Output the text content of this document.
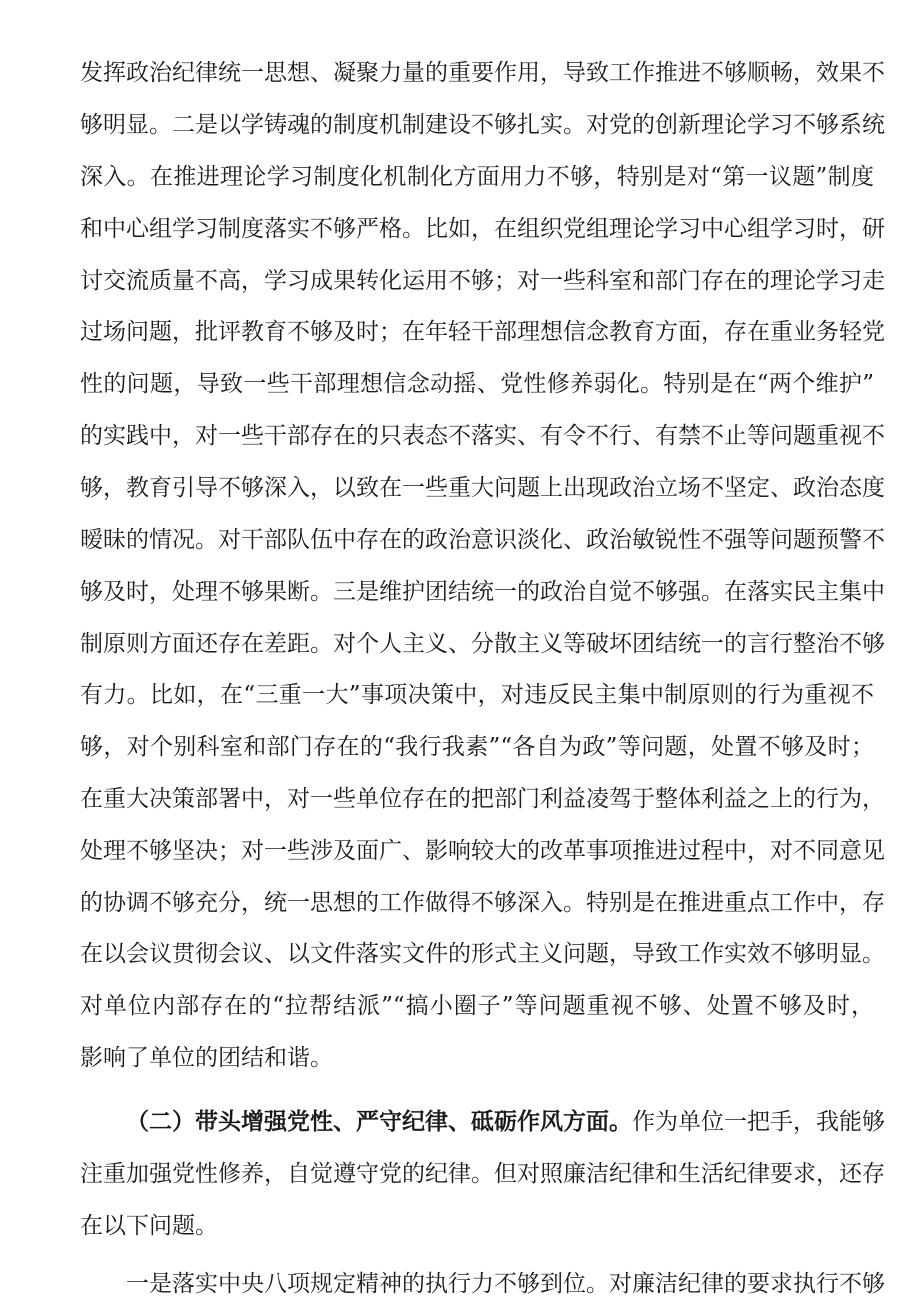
发挥政治纪律统一思想、凝聚力量的重要作用，导致工作推进不够顺畅，效果不
够明显。二是以学铸魂的制度机制建设不够扎实。对党的创新理论学习不够系统
深入。在推进理论学习制度化机制化方面用力不够，特别是对“第一议题”制度
和中心组学习制度落实不够严格。比如，在组织党组理论学习中心组学习时，研
讨交流质量不高，学习成果转化运用不够；对一些科室和部门存在的理论学习走
过场问题，批评教育不够及时；在年轻干部理想信念教育方面，存在重业务轻党
性的问题，导致一些干部理想信念动摇、党性修养弱化。特别是在“两个维护”
的实践中，对一些干部存在的只表态不落实、有令不行、有禁不止等问题重视不
够，教育引导不够深入，以致在一些重大问题上出现政治立场不坚定、政治态度
暧昧的情况。对干部队伍中存在的政治意识淡化、政治敏锐性不强等问题预警不
够及时，处理不够果断。三是维护团结统一的政治自觉不够强。在落实民主集中
制原则方面还存在差距。对个人主义、分散主义等破坏团结统一的言行整治不够
有力。比如，在“三重一大”事项决策中，对违反民主集中制原则的行为重视不
够，对个别科室和部门存在的“我行我素”“各自为政”等问题，处置不够及时；
在重大决策部署中，对一些单位存在的把部门利益凌驾于整体利益之上的行为，
处理不够坚决；对一些涉及面广、影响较大的改革事项推进过程中，对不同意见
的协调不够充分，统一思想的工作做得不够深入。特别是在推进重点工作中，存
在以会议贯彻会议、以文件落实文件的形式主义问题，导致工作实效不够明显。
对单位内部存在的“拉帮结派”“搞小圈子”等问题重视不够、处置不够及时，
影响了单位的团结和谐。
（二）带头增强党性、严守纪律、砥砺作风方面。作为单位一把手，我能够
注重加强党性修养，自觉遵守党的纪律。但对照廉洁纪律和生活纪律要求，还存
在以下问题。
一是落实中央八项规定精神的执行力不够到位。对廉洁纪律的要求执行不够
